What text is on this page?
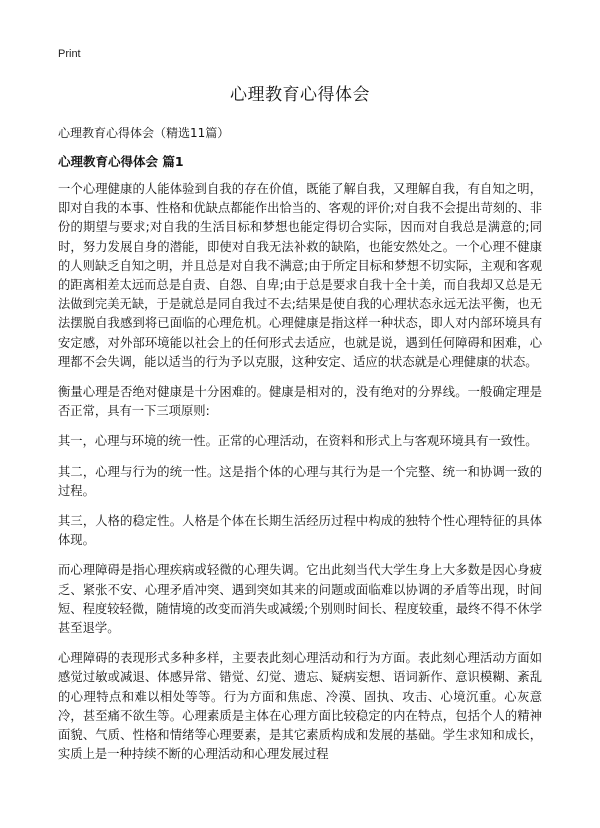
Print
心理教育心得体会

心理教育心得体会（精选11篇）

心理教育心得体会 篇1

一个心理健康的人能体验到自我的存在价值，既能了解自我，又理解自我，有自知之明，即对自我的本事、性格和优缺点都能作出恰当的、客观的评价;对自我不会提出苛刻的、非份的期望与要求;对自我的生活目标和梦想也能定得切合实际，因而对自我总是满意的;同时，努力发展自身的潜能，即使对自我无法补救的缺陷，也能安然处之。一个心理不健康的人则缺乏自知之明，并且总是对自我不满意;由于所定目标和梦想不切实际，主观和客观的距离相差太远而总是自责、自怨、自卑;由于总是要求自我十全十美，而自我却又总是无法做到完美无缺，于是就总是同自我过不去;结果是使自我的心理状态永远无法平衡，也无法摆脱自我感到将已面临的心理危机。心理健康是指这样一种状态，即人对内部环境具有安定感，对外部环境能以社会上的任何形式去适应，也就是说，遇到任何障碍和困难，心理都不会失调，能以适当的行为予以克服，这种安定、适应的状态就是心理健康的状态。

衡量心理是否绝对健康是十分困难的。健康是相对的，没有绝对的分界线。一般确定理是否正常，具有一下三项原则:

其一，心理与环境的统一性。正常的心理活动，在资料和形式上与客观环境具有一致性。

其二，心理与行为的统一性。这是指个体的心理与其行为是一个完整、统一和协调一致的过程。

其三，人格的稳定性。人格是个体在长期生活经历过程中构成的独特个性心理特征的具体体现。

而心理障碍是指心理疾病或轻微的心理失调。它出此刻当代大学生身上大多数是因心身疲乏、紧张不安、心理矛盾冲突、遇到突如其来的问题或面临难以协调的矛盾等出现，时间短、程度较轻微，随情境的改变而消失或减缓;个别则时间长、程度较重，最终不得不休学甚至退学。

心理障碍的表现形式多种多样，主要表此刻心理活动和行为方面。表此刻心理活动方面如感觉过敏或减退、体感异常、错觉、幻觉、遗忘、疑病妄想、语词新作、意识模糊、紊乱的心理特点和难以相处等等。行为方面和焦虑、冷漠、固执、攻击、心境沉重。心灰意冷，甚至痛不欲生等。心理素质是主体在心理方面比较稳定的内在特点，包括个人的精神面貌、气质、性格和情绪等心理要素，是其它素质构成和发展的基础。学生求知和成长，实质上是一种持续不断的心理活动和心理发展过程
